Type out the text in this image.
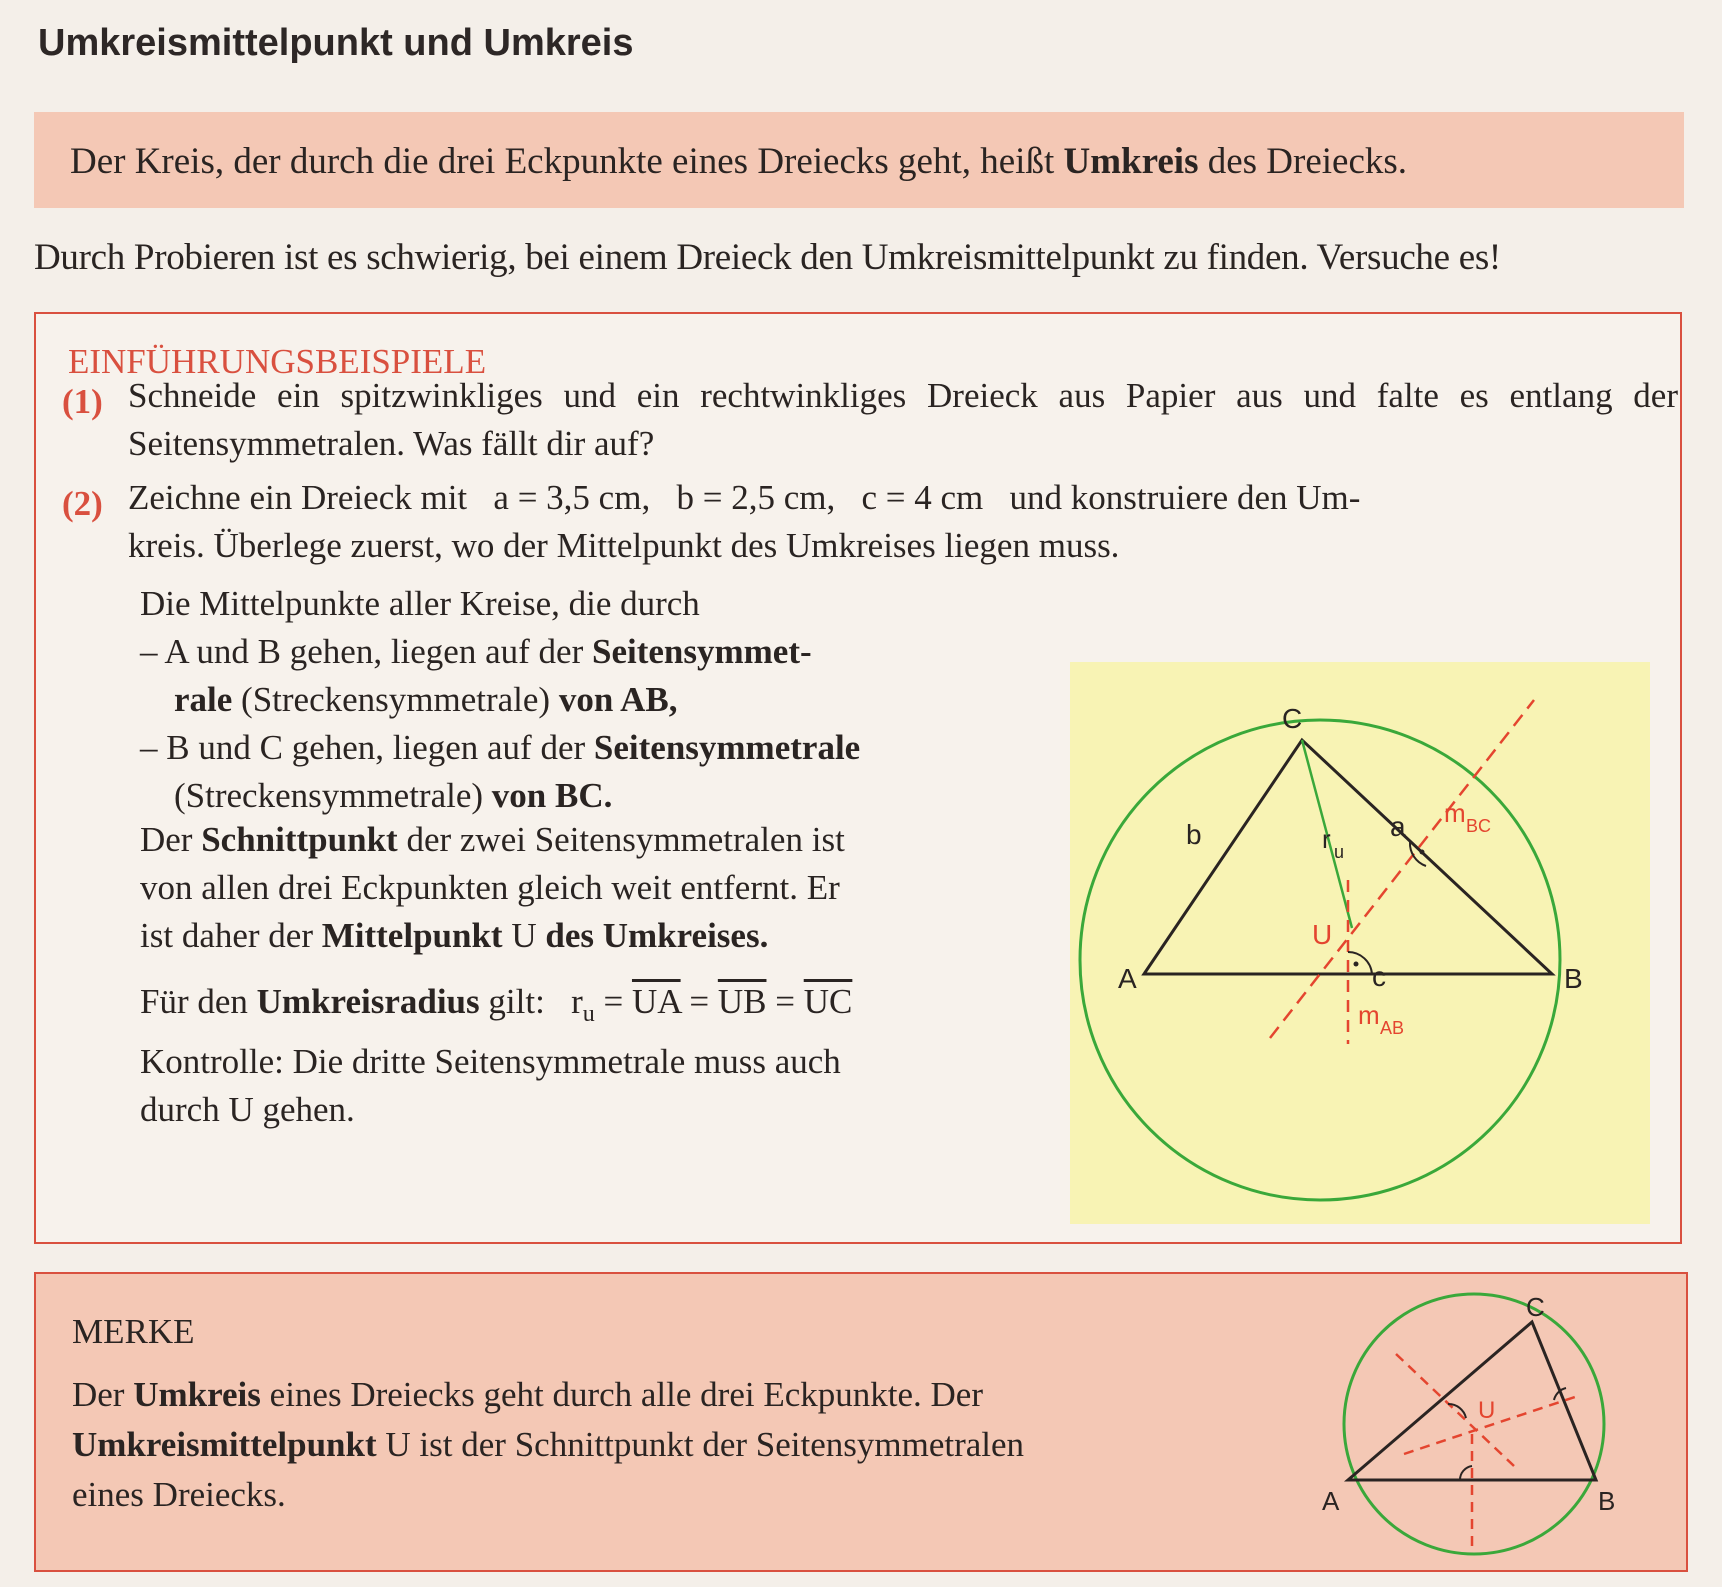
Umkreismittelpunkt und Umkreis
Der Kreis, der durch die drei Eckpunkte eines Dreiecks geht, heißt Umkreis des Dreiecks.
Durch Probieren ist es schwierig, bei einem Dreieck den Umkreismittelpunkt zu finden. Versuche es!
EINFÜHRUNGSBEISPIELE
(1) Schneide ein spitzwinkliges und ein rechtwinkliges Dreieck aus Papier aus und falte es entlang der Seitensymmetralen. Was fällt dir auf?
(2) Zeichne ein Dreieck mit a = 3,5 cm, b = 2,5 cm, c = 4 cm und konstruiere den Um-
kreis. Überlege zuerst, wo der Mittelpunkt des Umkreises liegen muss.
Die Mittelpunkte aller Kreise, die durch
– A und B gehen, liegen auf der Seitensymmet-
rale (Streckensymmetrale) von AB,
– B und C gehen, liegen auf der Seitensymmetrale
(Streckensymmetrale) von BC.
Der Schnittpunkt der zwei Seitensymmetralen ist
von allen drei Eckpunkten gleich weit entfernt. Er
ist daher der Mittelpunkt U des Umkreises.
Für den Umkreisradius gilt: $r_u = \overline{UA} = \overline{UB} = \overline{UC}$
Kontrolle: Die dritte Seitensymmetrale muss auch
durch U gehen.
A	B
C
U
b	a
c
r u
m BC
m AB
MERKE
Der Umkreis eines Dreiecks geht durch alle drei Eckpunkte. Der
Umkreismittelpunkt U ist der Schnittpunkt der Seitensymmetralen
eines Dreiecks.	A	B
C
U
